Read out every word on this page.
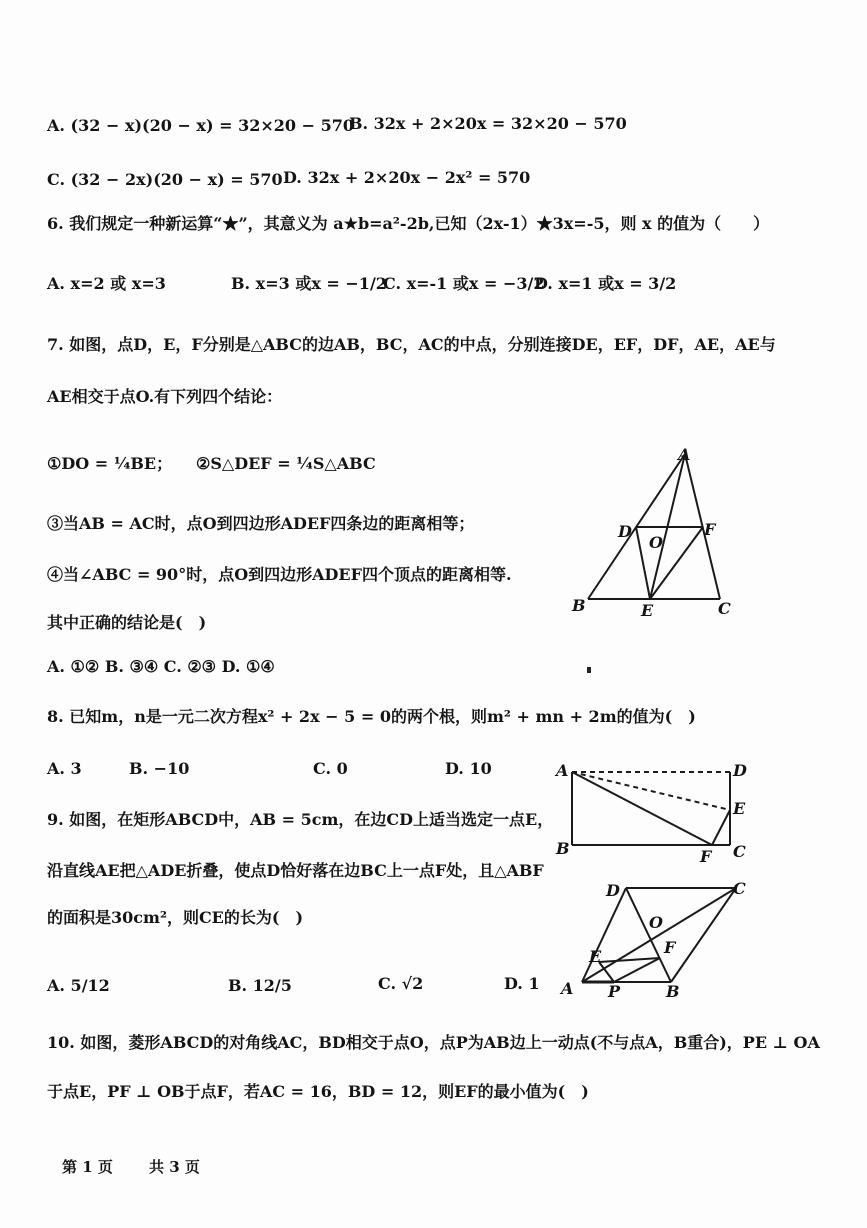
A. (32 − x)(20 − x) = 32×20 − 570
B. 32x + 2×20x = 32×20 − 570
C. (32 − 2x)(20 − x) = 570 D. 32x + 2×20x − 2x² = 570
6. 我们规定一种新运算“★”，其意义为 a★b=a²-2b,已知（2x-1）★3x=-5，则 x 的值为（　　）
A. x=2 或 x=3	B. x=3 或x = −1/2
C. x=-1 或x = −3/2
D. x=1 或x = 3/2
7. 如图，点D，E，F分别是△ABC的边AB，BC，AC的中点，分别连接DE，EF，DF，AE，AE与
AE相交于点O.有下列四个结论：
①DO = ¼BE； ②S△DEF = ¼S△ABC
③当AB = AC时，点O到四边形ADEF四条边的距离相等；
④当∠ABC = 90°时，点O到四边形ADEF四个顶点的距离相等.
其中正确的结论是(　)
A. ①② B. ③④ C. ②③ D. ①④
A
B	C
D
E
F
O
8. 已知m，n是一元二次方程x² + 2x − 5 = 0的两个根，则m² + mn + 2m的值为(　)
A. 3	B. −10	C. 0	D. 10	A	D
E
B	F C
9. 如图，在矩形ABCD中，AB = 5cm，在边CD上适当选定一点E，
沿直线AE把△ADE折叠，使点D恰好落在边BC上一点F处，且△ABF
的面积是30cm²，则CE的长为(　)
A. 5/12	B. 12/5	C. √2	D. 1
D	C
O
F
E
A P	B
10. 如图，菱形ABCD的对角线AC，BD相交于点O，点P为AB边上一动点(不与点A，B重合)，PE ⊥ OA
于点E，PF ⊥ OB于点F，若AC = 16，BD = 12，则EF的最小值为(　)
第 1 页 共 3 页
